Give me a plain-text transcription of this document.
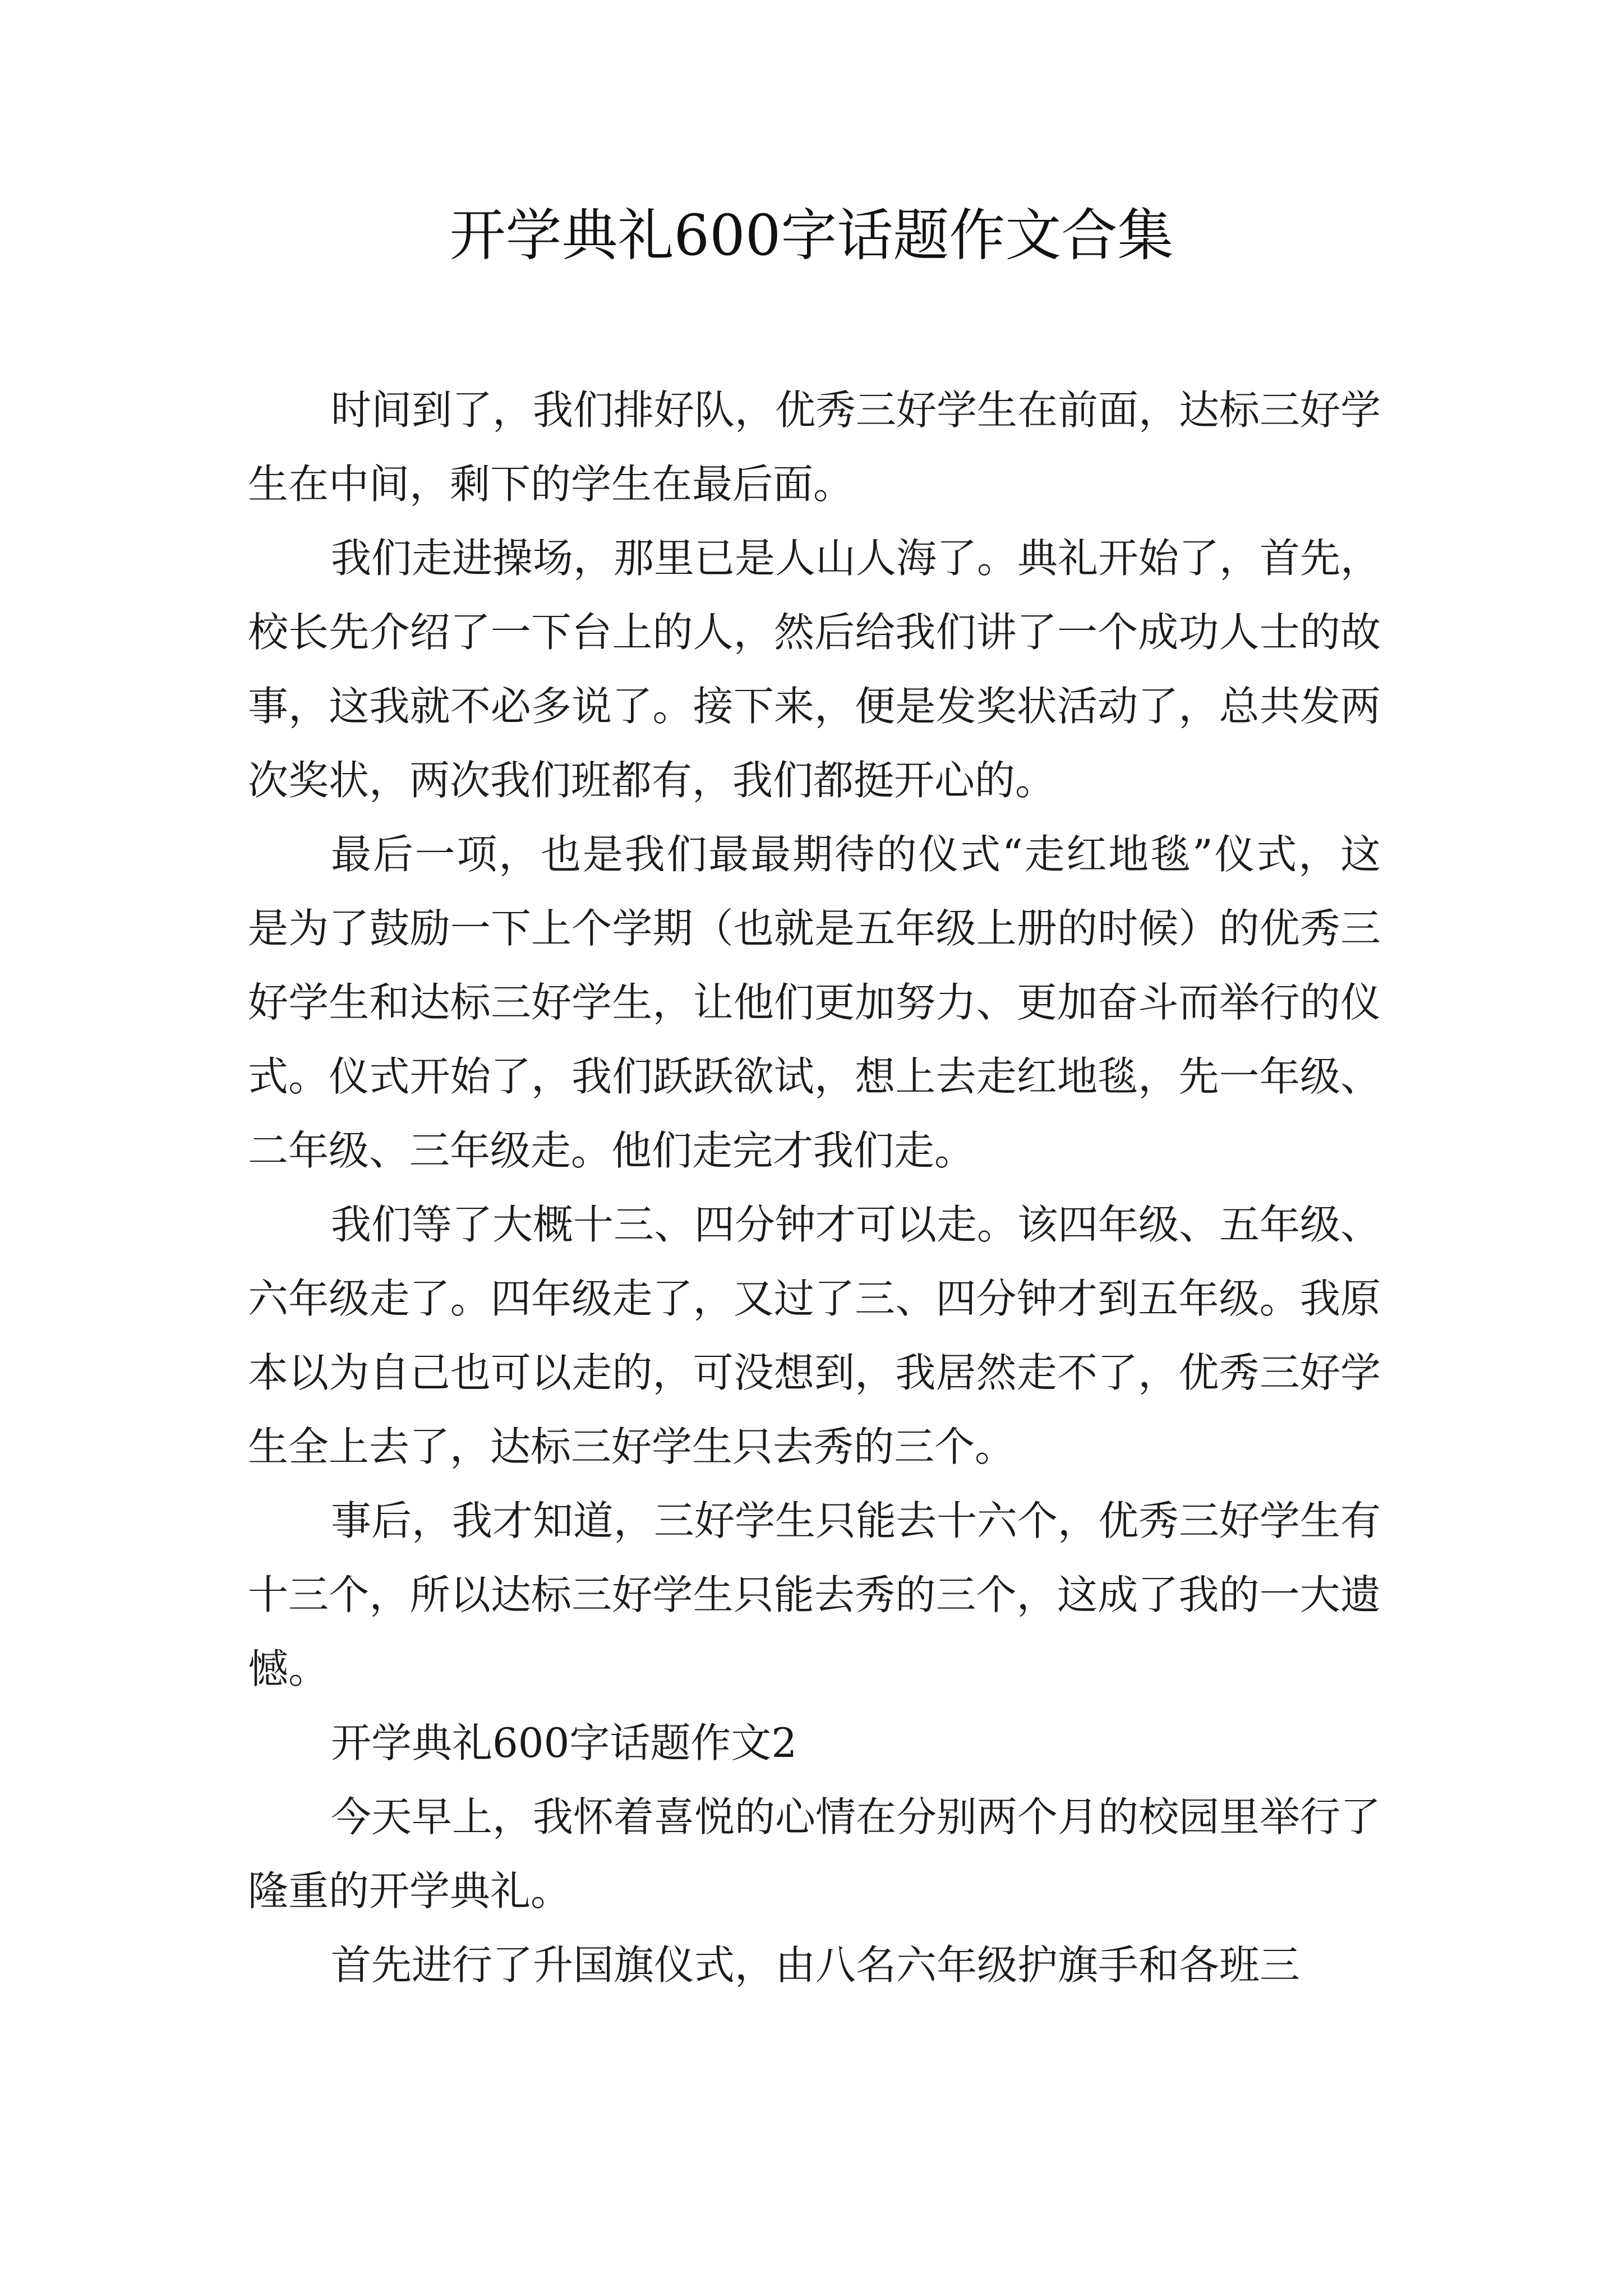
开学典礼600字话题作文合集

时间到了，我们排好队，优秀三好学生在前面，达标三好学生在中间，剩下的学生在最后面。

我们走进操场，那里已是人山人海了。典礼开始了，首先，校长先介绍了一下台上的人，然后给我们讲了一个成功人士的故事，这我就不必多说了。接下来，便是发奖状活动了，总共发两次奖状，两次我们班都有，我们都挺开心的。

最后一项，也是我们最最期待的仪式“走红地毯”仪式，这是为了鼓励一下上个学期（也就是五年级上册的时候）的优秀三好学生和达标三好学生，让他们更加努力、更加奋斗而举行的仪式。仪式开始了，我们跃跃欲试，想上去走红地毯，先一年级、二年级、三年级走。他们走完才我们走。

我们等了大概十三、四分钟才可以走。该四年级、五年级、六年级走了。四年级走了，又过了三、四分钟才到五年级。我原本以为自己也可以走的，可没想到，我居然走不了，优秀三好学生全上去了，达标三好学生只去秀的三个。

事后，我才知道，三好学生只能去十六个，优秀三好学生有十三个，所以达标三好学生只能去秀的三个，这成了我的一大遗憾。

开学典礼600字话题作文2

今天早上，我怀着喜悦的心情在分别两个月的校园里举行了隆重的开学典礼。

首先进行了升国旗仪式，由八名六年级护旗手和各班三
